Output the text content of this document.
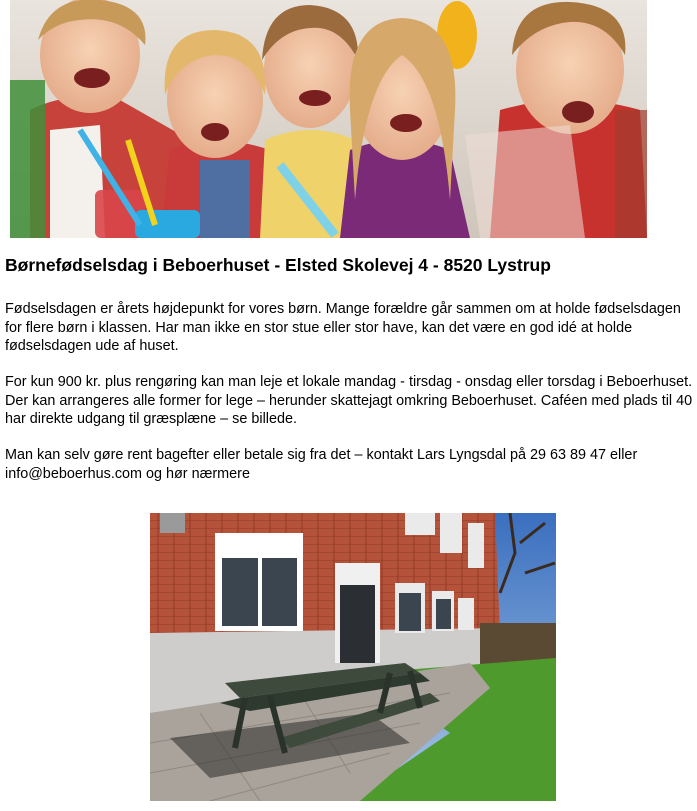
Børnefødselsdag i Beboerhuset - Elsted Skolevej 4 - 8520 Lystrup

Fødselsdagen er årets højdepunkt for vores børn. Mange forældre går sammen om at holde fødselsdagen for flere børn i klassen. Har man ikke en stor stue eller stor have, kan det være en god idé at holde fødselsdagen ude af huset.

For kun 900 kr. plus rengøring kan man leje et lokale mandag - tirsdag - onsdag eller torsdag i Beboerhuset. Der kan arrangeres alle former for lege – herunder skattejagt omkring Beboerhuset. Caféen med plads til 40 har direkte udgang til græsplæne – se billede.

Man kan selv gøre rent bagefter eller betale sig fra det – kontakt Lars Lyngsdal på 29 63 89 47 eller info@beboerhus.com og hør nærmere
